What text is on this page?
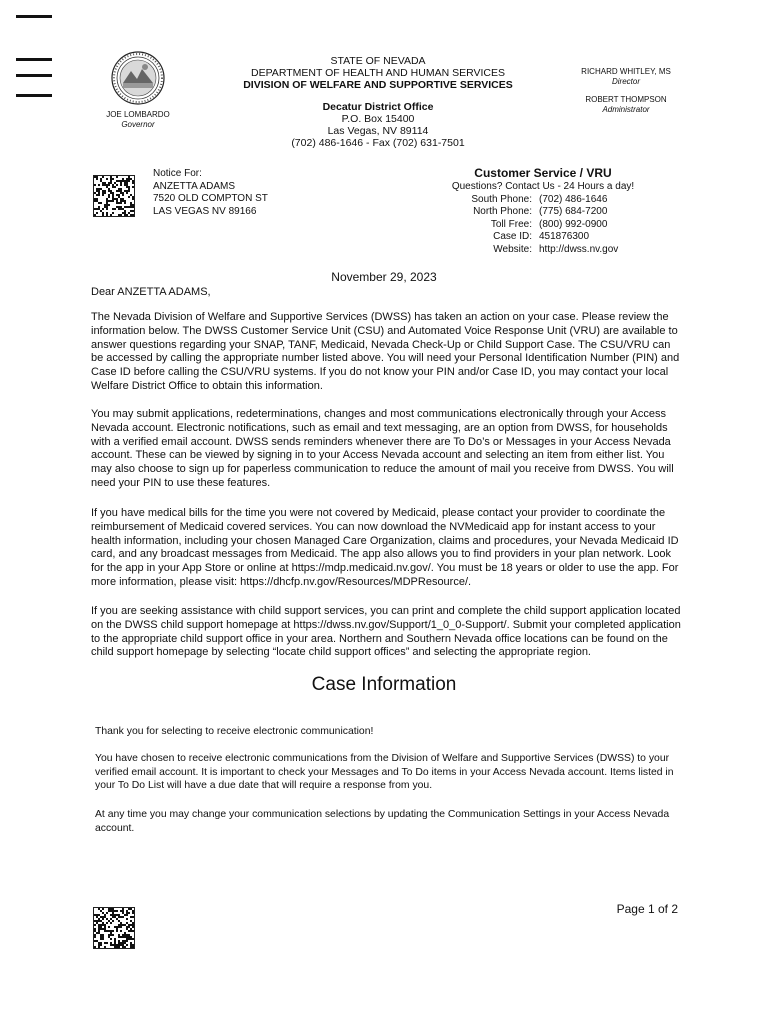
JOE LOMBARDO
Governor
STATE OF NEVADA
DEPARTMENT OF HEALTH AND HUMAN SERVICES
DIVISION OF WELFARE AND SUPPORTIVE SERVICES
Decatur District Office
P.O. Box 15400
Las Vegas, NV 89114
(702) 486-1646 - Fax (702) 631-7501
RICHARD WHITLEY, MS
Director
ROBERT THOMPSON
Administrator
Notice For:
ANZETTA ADAMS
7520 OLD COMPTON ST
LAS VEGAS NV 89166
Customer Service / VRU
Questions? Contact Us - 24 Hours a day!
South Phone: (702) 486-1646
North Phone: (775) 684-7200
Toll Free: (800) 992-0900
Case ID: 451876300
Website: http://dwss.nv.gov
November 29, 2023
Dear ANZETTA ADAMS,
The Nevada Division of Welfare and Supportive Services (DWSS) has taken an action on your case. Please review the information below. The DWSS Customer Service Unit (CSU) and Automated Voice Response Unit (VRU) are available to answer questions regarding your SNAP, TANF, Medicaid, Nevada Check-Up or Child Support Case. The CSU/VRU can be accessed by calling the appropriate number listed above. You will need your Personal Identification Number (PIN) and Case ID before calling the CSU/VRU systems. If you do not know your PIN and/or Case ID, you may contact your local Welfare District Office to obtain this information.
You may submit applications, redeterminations, changes and most communications electronically through your Access Nevada account. Electronic notifications, such as email and text messaging, are an option from DWSS, for households with a verified email account. DWSS sends reminders whenever there are To Do’s or Messages in your Access Nevada account. These can be viewed by signing in to your Access Nevada account and selecting an item from either list. You may also choose to sign up for paperless communication to reduce the amount of mail you receive from DWSS. You will need your PIN to use these features.
If you have medical bills for the time you were not covered by Medicaid, please contact your provider to coordinate the reimbursement of Medicaid covered services. You can now download the NVMedicaid app for instant access to your health information, including your chosen Managed Care Organization, claims and procedures, your Nevada Medicaid ID card, and any broadcast messages from Medicaid. The app also allows you to find providers in your plan network. Look for the app in your App Store or online at https://mdp.medicaid.nv.gov/. You must be 18 years or older to use the app. For more information, please visit: https://dhcfp.nv.gov/Resources/MDPResource/.
If you are seeking assistance with child support services, you can print and complete the child support application located on the DWSS child support homepage at https://dwss.nv.gov/Support/1_0_0-Support/. Submit your completed application to the appropriate child support office in your area. Northern and Southern Nevada office locations can be found on the child support homepage by selecting “locate child support offices” and selecting the appropriate region.
Case Information
Thank you for selecting to receive electronic communication!
You have chosen to receive electronic communications from the Division of Welfare and Supportive Services (DWSS) to your verified email account. It is important to check your Messages and To Do items in your Access Nevada account. Items listed in your To Do List will have a due date that will require a response from you.
At any time you may change your communication selections by updating the Communication Settings in your Access Nevada account.
Page 1 of 2
